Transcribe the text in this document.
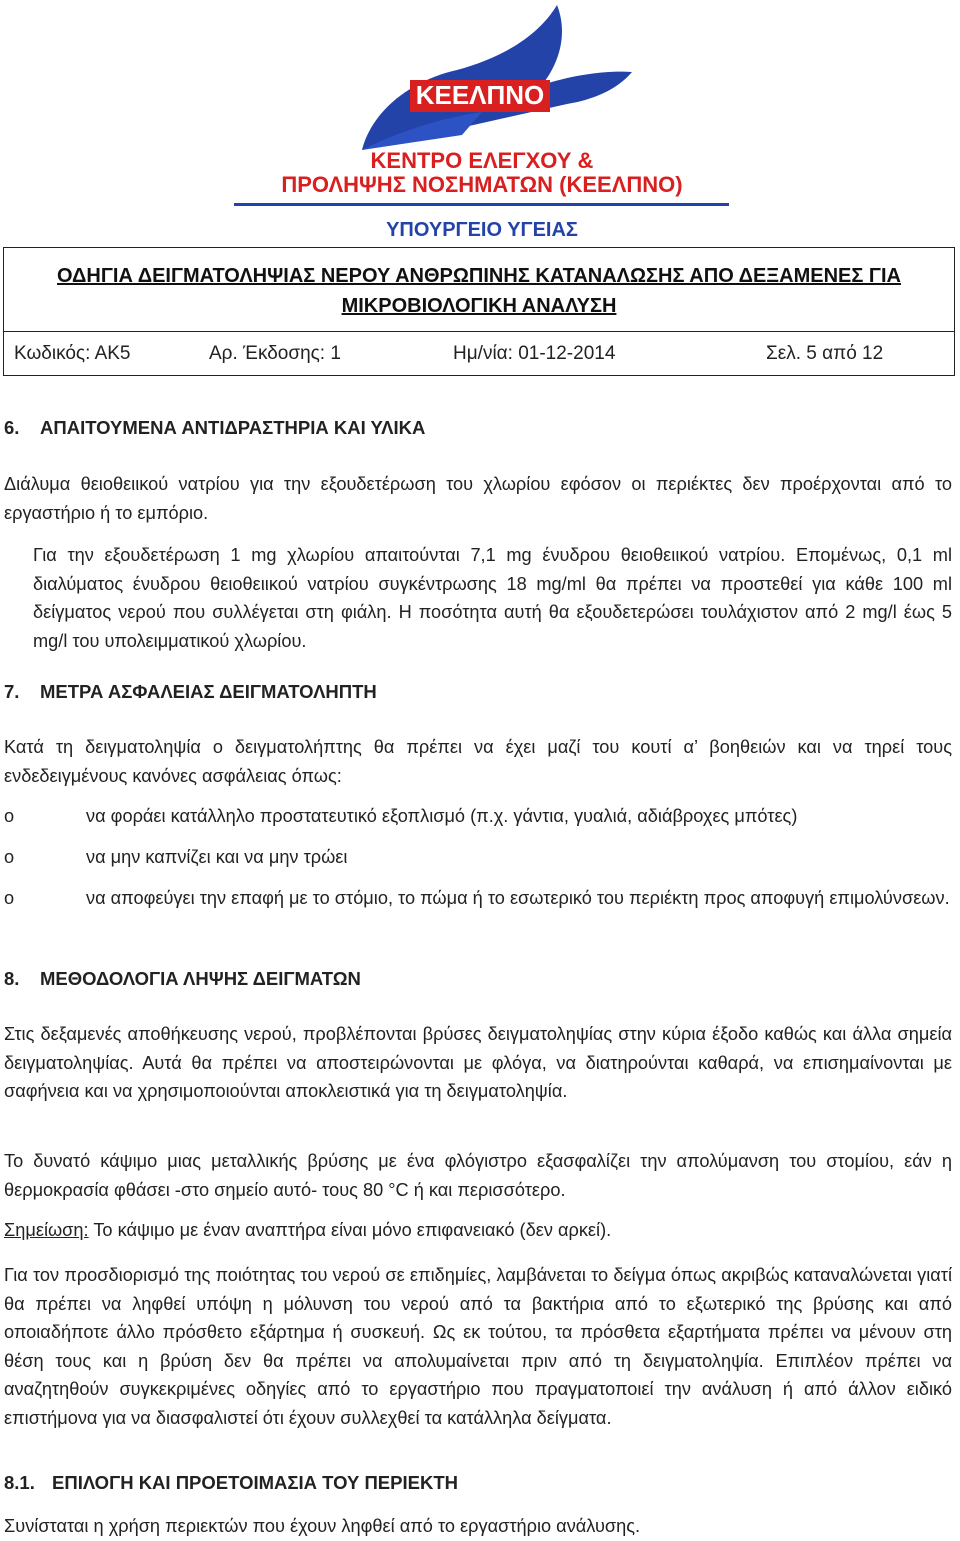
ΚΕΕΛΠΝΟ
ΚΕΝΤΡΟ ΕΛΕΓΧΟΥ &
ΠΡΟΛΗΨΗΣ ΝΟΣΗΜΑΤΩΝ (ΚΕΕΛΠΝΟ)
ΥΠΟΥΡΓΕΙΟ ΥΓΕΙΑΣ
ΟΔΗΓΙΑ ΔΕΙΓΜΑΤΟΛΗΨΙΑΣ ΝΕΡΟΥ ΑΝΘΡΩΠΙΝΗΣ ΚΑΤΑΝΑΛΩΣΗΣ ΑΠΟ ΔΕΞΑΜΕΝΕΣ ΓΙΑ
ΜΙΚΡΟΒΙΟΛΟΓΙΚΗ ΑΝΑΛΥΣΗ
Κωδικός: ΑΚ5	Αρ. Έκδοσης: 1	Ημ/νία: 01-12-2014	Σελ. 5 από 12
6. ΑΠΑΙΤΟΥΜΕΝΑ ΑΝΤΙΔΡΑΣΤΗΡΙΑ ΚΑΙ ΥΛΙΚΑ
Διάλυμα θειοθειικού νατρίου για την εξουδετέρωση του χλωρίου εφόσον οι περιέκτες δεν προέρχονται από το εργαστήριο ή το εμπόριο.
Για την εξουδετέρωση 1 mg χλωρίου απαιτούνται 7,1 mg ένυδρου θειοθειικού νατρίου. Επομένως, 0,1 ml διαλύματος ένυδρου θειοθειικού νατρίου συγκέντρωσης 18 mg/ml θα πρέπει να προστεθεί για κάθε 100 ml δείγματος νερού που συλλέγεται στη φιάλη. Η ποσότητα αυτή θα εξουδετερώσει τουλάχιστον από 2 mg/l έως 5 mg/l του υπολειμματικού χλωρίου.
7. ΜΕΤΡΑ ΑΣΦΑΛΕΙΑΣ ΔΕΙΓΜΑΤΟΛΗΠΤΗ
Κατά τη δειγματοληψία ο δειγματολήπτης θα πρέπει να έχει μαζί του κουτί α’ βοηθειών και να τηρεί τους ενδεδειγμένους κανόνες ασφάλειας όπως:
o	να φοράει κατάλληλο προστατευτικό εξοπλισμό (π.χ. γάντια, γυαλιά, αδιάβροχες μπότες)
o	να μην καπνίζει και να μην τρώει
o	να αποφεύγει την επαφή με το στόμιο, το πώμα ή το εσωτερικό του περιέκτη προς αποφυγή επιμολύνσεων.
8. ΜΕΘΟΔΟΛΟΓΙΑ ΛΗΨΗΣ ΔΕΙΓΜΑΤΩΝ
Στις δεξαμενές αποθήκευσης νερού, προβλέπονται βρύσες δειγματοληψίας στην κύρια έξοδο καθώς και άλλα σημεία δειγματοληψίας. Αυτά θα πρέπει να αποστειρώνονται με φλόγα, να διατηρούνται καθαρά, να επισημαίνονται με σαφήνεια και να χρησιμοποιούνται αποκλειστικά για τη δειγματοληψία.
Το δυνατό κάψιμο μιας μεταλλικής βρύσης με ένα φλόγιστρο εξασφαλίζει την απολύμανση του στομίου, εάν η θερμοκρασία φθάσει -στο σημείο αυτό- τους 80 °C ή και περισσότερο.
Σημείωση: Το κάψιμο με έναν αναπτήρα είναι μόνο επιφανειακό (δεν αρκεί).
Για τον προσδιορισμό της ποιότητας του νερού σε επιδημίες, λαμβάνεται το δείγμα όπως ακριβώς καταναλώνεται γιατί θα πρέπει να ληφθεί υπόψη η μόλυνση του νερού από τα βακτήρια από το εξωτερικό της βρύσης και από οποιαδήποτε άλλο πρόσθετο εξάρτημα ή συσκευή. Ως εκ τούτου, τα πρόσθετα εξαρτήματα πρέπει να μένουν στη θέση τους και η βρύση δεν θα πρέπει να απολυμαίνεται πριν από τη δειγματοληψία. Επιπλέον πρέπει να αναζητηθούν συγκεκριμένες οδηγίες από το εργαστήριο που πραγματοποιεί την ανάλυση ή από άλλον ειδικό επιστήμονα για να διασφαλιστεί ότι έχουν συλλεχθεί τα κατάλληλα δείγματα.
8.1. ΕΠΙΛΟΓΗ ΚΑΙ ΠΡΟΕΤΟΙΜΑΣΙΑ ΤΟΥ ΠΕΡΙΕΚΤΗ
Συνίσταται η χρήση περιεκτών που έχουν ληφθεί από το εργαστήριο ανάλυσης.
